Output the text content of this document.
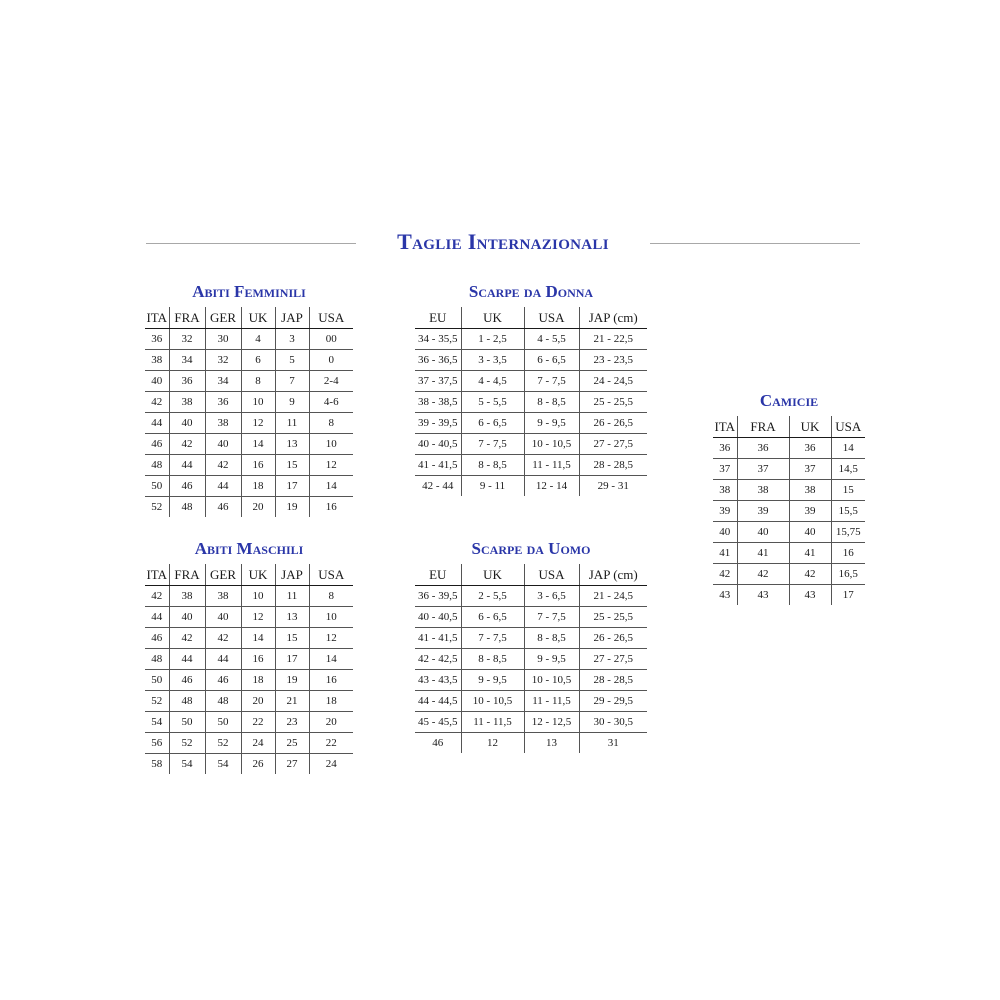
Taglie Internazionali
Abiti Femminili
ITA	FRA	GER	UK	JAP	USA
36	32	30	4	3	00
38	34	32	6	5	0
40	36	34	8	7	2-4
42	38	36	10	9	4-6
44	40	38	12	11	8
46	42	40	14	13	10
48	44	42	16	15	12
50	46	44	18	17	14
52	48	46	20	19	16
Scarpe da Donna
EU	UK	USA	JAP (cm)
34 - 35,5	1 - 2,5	4 - 5,5	21 - 22,5
36 - 36,5	3 - 3,5	6 - 6,5	23 - 23,5
37 - 37,5	4 - 4,5	7 - 7,5	24 - 24,5
38 - 38,5	5 - 5,5	8 - 8,5	25 - 25,5
39 - 39,5	6 - 6,5	9 - 9,5	26 - 26,5
40 - 40,5	7 - 7,5	10 - 10,5	27 - 27,5
41 - 41,5	8 - 8,5	11 - 11,5	28 - 28,5
42 - 44	9 - 11	12 - 14	29 - 31
Camicie
ITA	FRA	UK	USA
36	36	36	14
37	37	37	14,5
38	38	38	15
39	39	39	15,5
40	40	40	15,75
41	41	41	16
42	42	42	16,5
43	43	43	17
Abiti Maschili
ITA	FRA	GER	UK	JAP	USA
42	38	38	10	11	8
44	40	40	12	13	10
46	42	42	14	15	12
48	44	44	16	17	14
50	46	46	18	19	16
52	48	48	20	21	18
54	50	50	22	23	20
56	52	52	24	25	22
58	54	54	26	27	24
Scarpe da Uomo
EU	UK	USA	JAP (cm)
36 - 39,5	2 - 5,5	3 - 6,5	21 - 24,5
40 - 40,5	6 - 6,5	7 - 7,5	25 - 25,5
41 - 41,5	7 - 7,5	8 - 8,5	26 - 26,5
42 - 42,5	8 - 8,5	9 - 9,5	27 - 27,5
43 - 43,5	9 - 9,5	10 - 10,5	28 - 28,5
44 - 44,5	10 - 10,5	11 - 11,5	29 - 29,5
45 - 45,5	11 - 11,5	12 - 12,5	30 - 30,5
46	12	13	31
